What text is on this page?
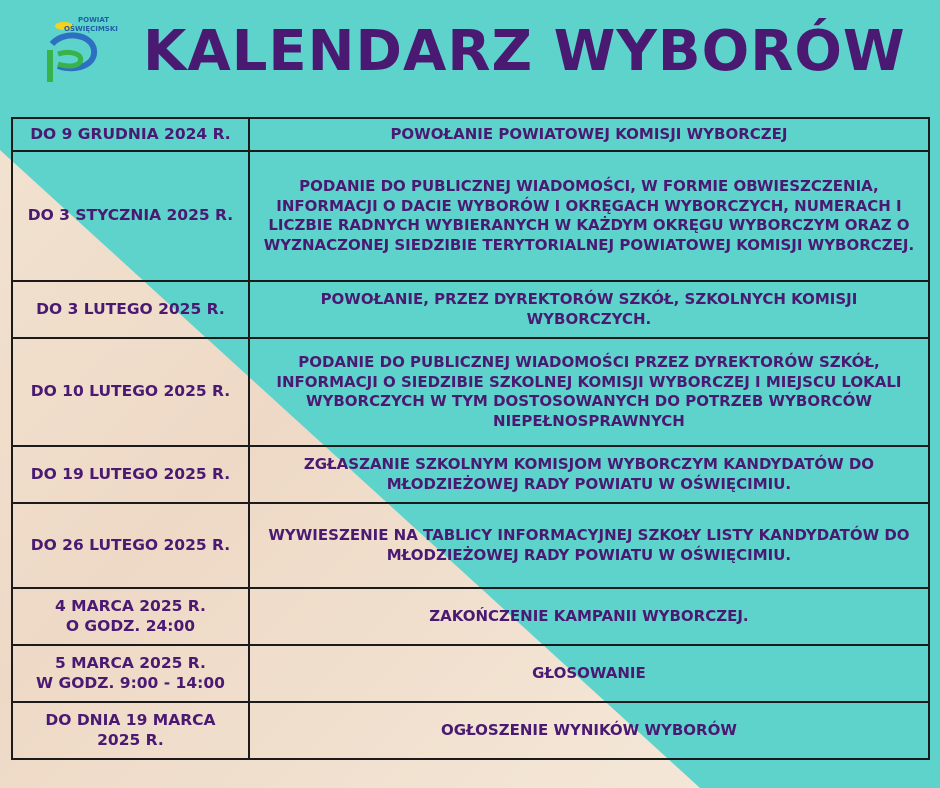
POWIAT
OŚWIĘCIMSKI KALENDARZ WYBORÓW
DO 9 GRUDNIA 2024 R.	POWOŁANIE POWIATOWEJ KOMISJI WYBORCZEJ
DO 3 STYCZNIA 2025 R.	PODANIE DO PUBLICZNEJ WIADOMOŚCI, W FORMIE OBWIESZCZENIA, INFORMACJI O DACIE WYBORÓW I OKRĘGACH WYBORCZYCH, NUMERACH I LICZBIE RADNYCH WYBIERANYCH W KAŻDYM OKRĘGU WYBORCZYM ORAZ O WYZNACZONEJ SIEDZIBIE TERYTORIALNEJ POWIATOWEJ KOMISJI WYBORCZEJ.
DO 3 LUTEGO 2025 R.	POWOŁANIE, PRZEZ DYREKTORÓW SZKÓŁ, SZKOLNYCH KOMISJI WYBORCZYCH.
DO 10 LUTEGO 2025 R.	PODANIE DO PUBLICZNEJ WIADOMOŚCI PRZEZ DYREKTORÓW SZKÓŁ, INFORMACJI O SIEDZIBIE SZKOLNEJ KOMISJI WYBORCZEJ I MIEJSCU LOKALI WYBORCZYCH W TYM DOSTOSOWANYCH DO POTRZEB WYBORCÓW NIEPEŁNOSPRAWNYCH
DO 19 LUTEGO 2025 R.	ZGŁASZANIE SZKOLNYM KOMISJOM WYBORCZYM KANDYDATÓW DO MŁODZIEŻOWEJ RADY POWIATU W OŚWIĘCIMIU.
DO 26 LUTEGO 2025 R.	WYWIESZENIE NA TABLICY INFORMACYJNEJ SZKOŁY LISTY KANDYDATÓW DO MŁODZIEŻOWEJ RADY POWIATU W OŚWIĘCIMIU.
4 MARCA 2025 R.
O GODZ. 24:00	ZAKOŃCZENIE KAMPANII WYBORCZEJ.
5 MARCA 2025 R.
W GODZ. 9:00 - 14:00	GŁOSOWANIE
DO DNIA 19 MARCA
2025 R.	OGŁOSZENIE WYNIKÓW WYBORÓW
